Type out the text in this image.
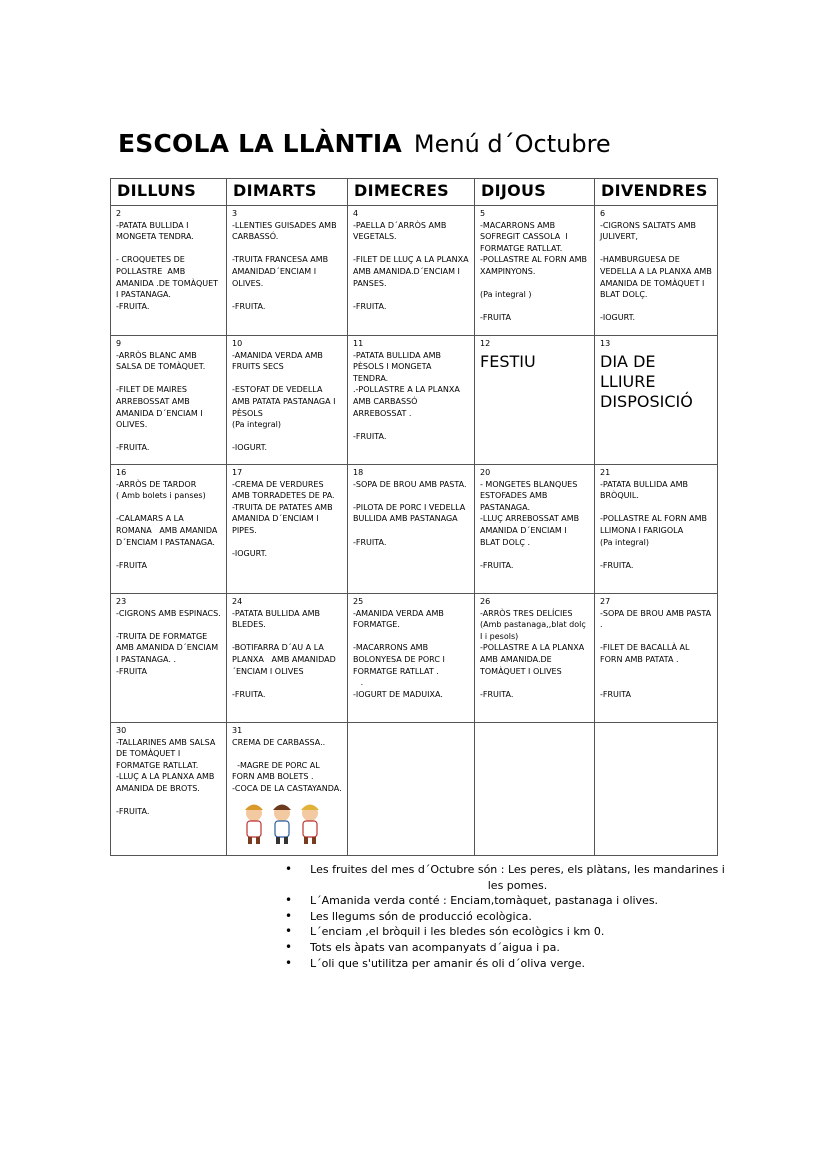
ESCOLA LA LLÀNTIA Menú d´Octubre
DILLUNS	DIMARTS	DIMECRES	DIJOUS	DIVENDRES

2
-PATATA BULLIDA I MONGETA TENDRA.
- CROQUETES DE POLLASTRE  AMB AMANIDA .DE TOMÀQUET I PASTANAGA.
-FRUITA.	3
-LLENTIES GUISADES AMB CARBASSÓ.
-TRUITA FRANCESA AMB AMANIDAD´ENCIAM I OLIVES.
-FRUITA.	4
-PAELLA D´ARRÒS AMB VEGETALS.
-FILET DE LLUÇ A LA PLANXA   AMB AMANIDA.D´ENCIAM I PANSES.
-FRUITA.	5
-MACARRONS AMB SOFREGIT CASSOLA  I FORMATGE RATLLAT.
-POLLASTRE AL FORN AMB XAMPINYONS.
(Pa integral )
-FRUITA	6
-CIGRONS SALTATS AMB JULIVERT,
-HAMBURGUESA DE VEDELLA A LA PLANXA AMB AMANIDA DE TOMÀQUET I BLAT DOLÇ.
-IOGURT.

9
-ARRÒS BLANC AMB SALSA DE TOMÀQUET.
-FILET DE MAIRES ARREBOSSAT AMB AMANIDA D´ENCIAM I OLIVES.
-FRUITA.	10
-AMANIDA VERDA AMB FRUITS SECS
-ESTOFAT DE VEDELLA AMB PATATA PASTANAGA I PÈSOLS
(Pa integral)
-IOGURT.	11
-PATATA BULLIDA AMB PÈSOLS I MONGETA TENDRA.
.-POLLASTRE A LA PLANXA AMB CARBASSÓ ARREBOSSAT .
-FRUITA.	12
FESTIU	13
DIA DE LLIURE DISPOSICIÓ

16
-ARRÒS DE TARDOR
( Amb bolets i panses)
-CALAMARS A LA ROMANA   AMB AMANIDA D´ENCIAM I PASTANAGA.
-FRUITA	17
-CREMA DE VERDURES AMB TORRADETES DE PA.
-TRUITA DE PATATES AMB AMANIDA D´ENCIAM I PIPES.
-IOGURT.	18
-SOPA DE BROU AMB PASTA.
-PILOTA DE PORC I VEDELLA BULLIDA AMB PASTANAGA
-FRUITA.	20
- MONGETES BLANQUES ESTOFADES AMB PASTANAGA.
-LLUÇ ARREBOSSAT AMB AMANIDA D´ENCIAM I BLAT DOLÇ .
-FRUITA.	21
-PATATA BULLIDA AMB BRÒQUIL.
-POLLASTRE AL FORN AMB LLIMONA I FARIGOLA
(Pa integral)
-FRUITA.

23
-CIGRONS AMB ESPINACS.
-TRUITA DE FORMATGE  AMB AMANIDA D´ENCIAM I PASTANAGA. .
-FRUITA	24
-PATATA BULLIDA AMB BLEDES.
-BOTIFARRA D´AU A LA PLANXA   AMB AMANIDAD´ENCIAM I OLIVES
-FRUITA.	25
-AMANIDA VERDA AMB FORMATGE.
-MACARRONS AMB BOLONYESA DE PORC I FORMATGE RATLLAT .
.
-IOGURT DE MADUIXA.	26
-ARRÒS TRES DELÍCIES
(Amb pastanaga,,blat dolç I i pesols)
-POLLASTRE A LA PLANXA  AMB AMANIDA.DE TOMÀQUET I OLIVES
-FRUITA.	27
-SOPA DE BROU AMB PASTA .
-FILET DE BACALLÀ AL FORN AMB PATATA .
-FRUITA

30
-TALLARINES AMB SALSA DE TOMÀQUET I FORMATGE RATLLAT.
-LLUÇ A LA PLANXA AMB AMANIDA DE BROTS.
-FRUITA.	31
CREMA DE CARBASSA..
-MAGRE DE PORC AL FORN AMB BOLETS .
-COCA DE LA CASTAYANDA.			

• Les fruites del mes d´Octubre són : Les peres, els plàtans, les mandarines i les pomes.
• L´Amanida verda conté : Enciam,tomàquet, pastanaga i olives.
• Les llegums són de producció ecològica.
• L´enciam ,el bròquil i les bledes són ecològics i km 0.
• Tots els àpats van acompanyats d´aigua i pa.
• L´oli que s'utilitza per amanir és oli d´oliva verge.
